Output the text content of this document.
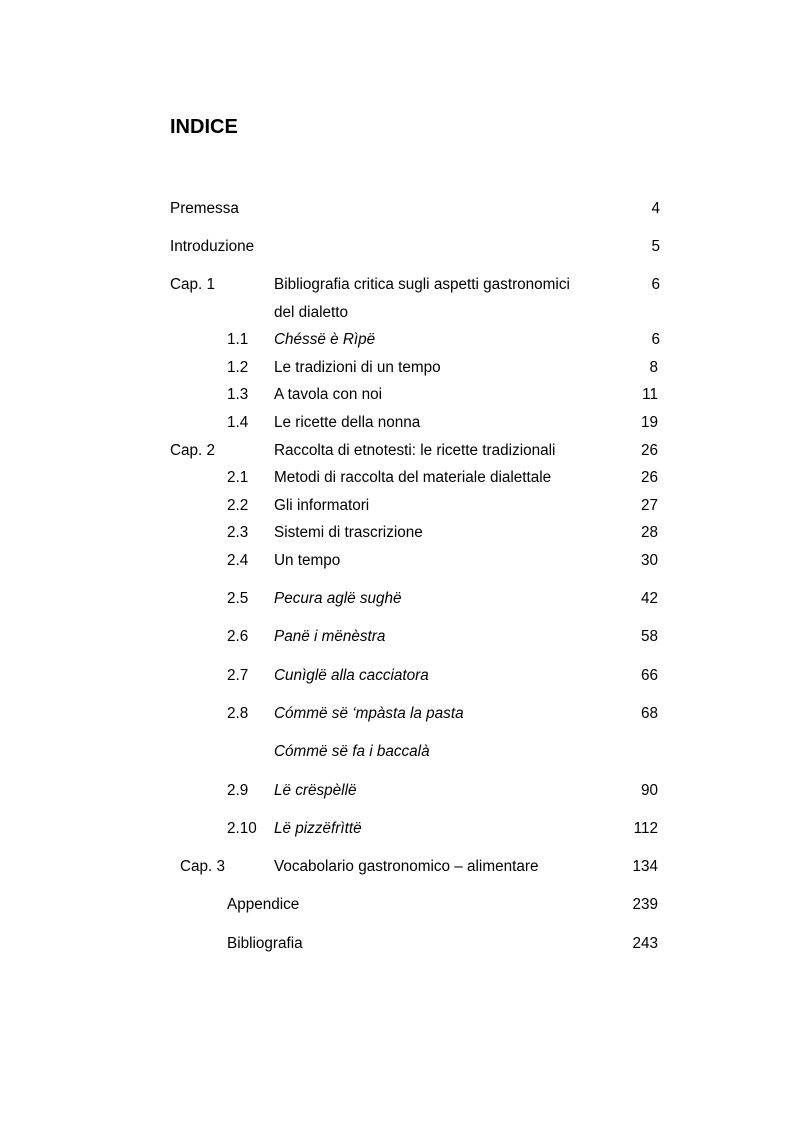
INDICE
Premessa	4
Introduzione	5
Cap. 1	Bibliografia critica sugli aspetti gastronomici	6
del dialetto
1.1 Chéssë è Rìpë	6
1.2 Le tradizioni di un tempo	8
1.3 A tavola con noi	11
1.4 Le ricette della nonna	19
Cap. 2	Raccolta di etnotesti: le ricette tradizionali	26
2.1 Metodi di raccolta del materiale dialettale	26
2.2 Gli informatori	27
2.3 Sistemi di trascrizione	28
2.4 Un tempo	30
2.5 Pecura aglë sughë	42
2.6 Panë i mënèstra	58
2.7 Cunìglë alla cacciatora	66
2.8 Cómmë së ‘mpàsta la pasta	68
Cómmë së fa i baccalà
2.9 Lë crëspèllë	90
2.10 Lë pizzëfrìttë	112
Cap. 3	Vocabolario gastronomico – alimentare	134
Appendice	239
Bibliografia	243
